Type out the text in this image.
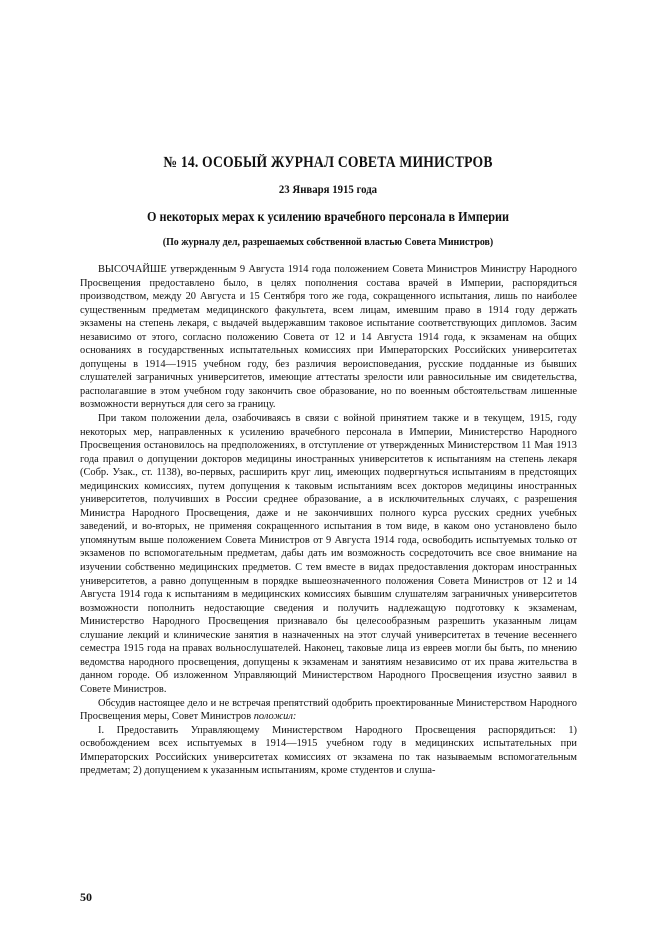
№ 14. ОСОБЫЙ ЖУРНАЛ СОВЕТА МИНИСТРОВ
23 Января 1915 года
О некоторых мерах к усилению врачебного персонала в Империи
(По журналу дел, разрешаемых собственной властью Совета Министров)

ВЫСОЧАЙШЕ утвержденным 9 Августа 1914 года положением Совета Министров Министру Народного Просвещения предоставлено было, в целях пополнения состава врачей в Империи, распорядиться производством, между 20 Августа и 15 Сентября того же года, сокращенного испытания, лишь по наиболее существенным предметам медицинского факультета, всем лицам, имевшим право в 1914 году держать экзамены на степень лекаря, с выдачей выдержавшим таковое испытание соответствующих дипломов. Засим независимо от этого, согласно положению Совета от 12 и 14 Августа 1914 года, к экзаменам на общих основаниях в государственных испытательных комиссиях при Императорских Российских университетах допущены в 1914—1915 учебном году, без различия вероисповедания, русские подданные из бывших слушателей заграничных университетов, имеющие аттестаты зрелости или равносильные им свидетельства, располагавшие в этом учебном году закончить свое образование, но по военным обстоятельствам лишенные возможности вернуться для сего за границу.

При таком положении дела, озабочиваясь в связи с войной принятием также и в текущем, 1915, году некоторых мер, направленных к усилению врачебного персонала в Империи, Министерство Народного Просвещения остановилось на предположениях, в отступление от утвержденных Министерством 11 Мая 1913 года правил о допущении докторов медицины иностранных университетов к испытаниям на степень лекаря (Собр. Узак., ст. 1138), во-первых, расширить круг лиц, имеющих подвергнуться испытаниям в предстоящих медицинских комиссиях, путем допущения к таковым испытаниям всех докторов медицины иностранных университетов, получивших в России среднее образование, а в исключительных случаях, с разрешения Министра Народного Просвещения, даже и не закончивших полного курса русских средних учебных заведений, и во-вторых, не применяя сокращенного испытания в том виде, в каком оно установлено было упомянутым выше положением Совета Министров от 9 Августа 1914 года, освободить испытуемых только от экзаменов по вспомогательным предметам, дабы дать им возможность сосредоточить все свое внимание на изучении собственно медицинских предметов. С тем вместе в видах предоставления докторам иностранных университетов, а равно допущенным в порядке вышеозначенного положения Совета Министров от 12 и 14 Августа 1914 года к испытаниям в медицинских комиссиях бывшим слушателям заграничных университетов возможности пополнить недостающие сведения и получить надлежащую подготовку к экзаменам, Министерство Народного Просвещения признавало бы целесообразным разрешить указанным лицам слушание лекций и клинические занятия в назначенных на этот случай университетах в течение весеннего семестра 1915 года на правах вольнослушателей. Наконец, таковые лица из евреев могли бы быть, по мнению ведомства народного просвещения, допущены к экзаменам и занятиям независимо от их права жительства в данном городе. Об изложенном Управляющий Министерством Народного Просвещения изустно заявил в Совете Министров.

Обсудив настоящее дело и не встречая препятствий одобрить проектированные Министерством Народного Просвещения меры, Совет Министров положил:

I. Предоставить Управляющему Министерством Народного Просвещения распорядиться: 1) освобождением всех испытуемых в 1914—1915 учебном году в медицинских испытательных при Императорских Российских университетах комиссиях от экзамена по так называемым вспомогательным предметам; 2) допущением к указанным испытаниям, кроме студентов и слуша-

50
